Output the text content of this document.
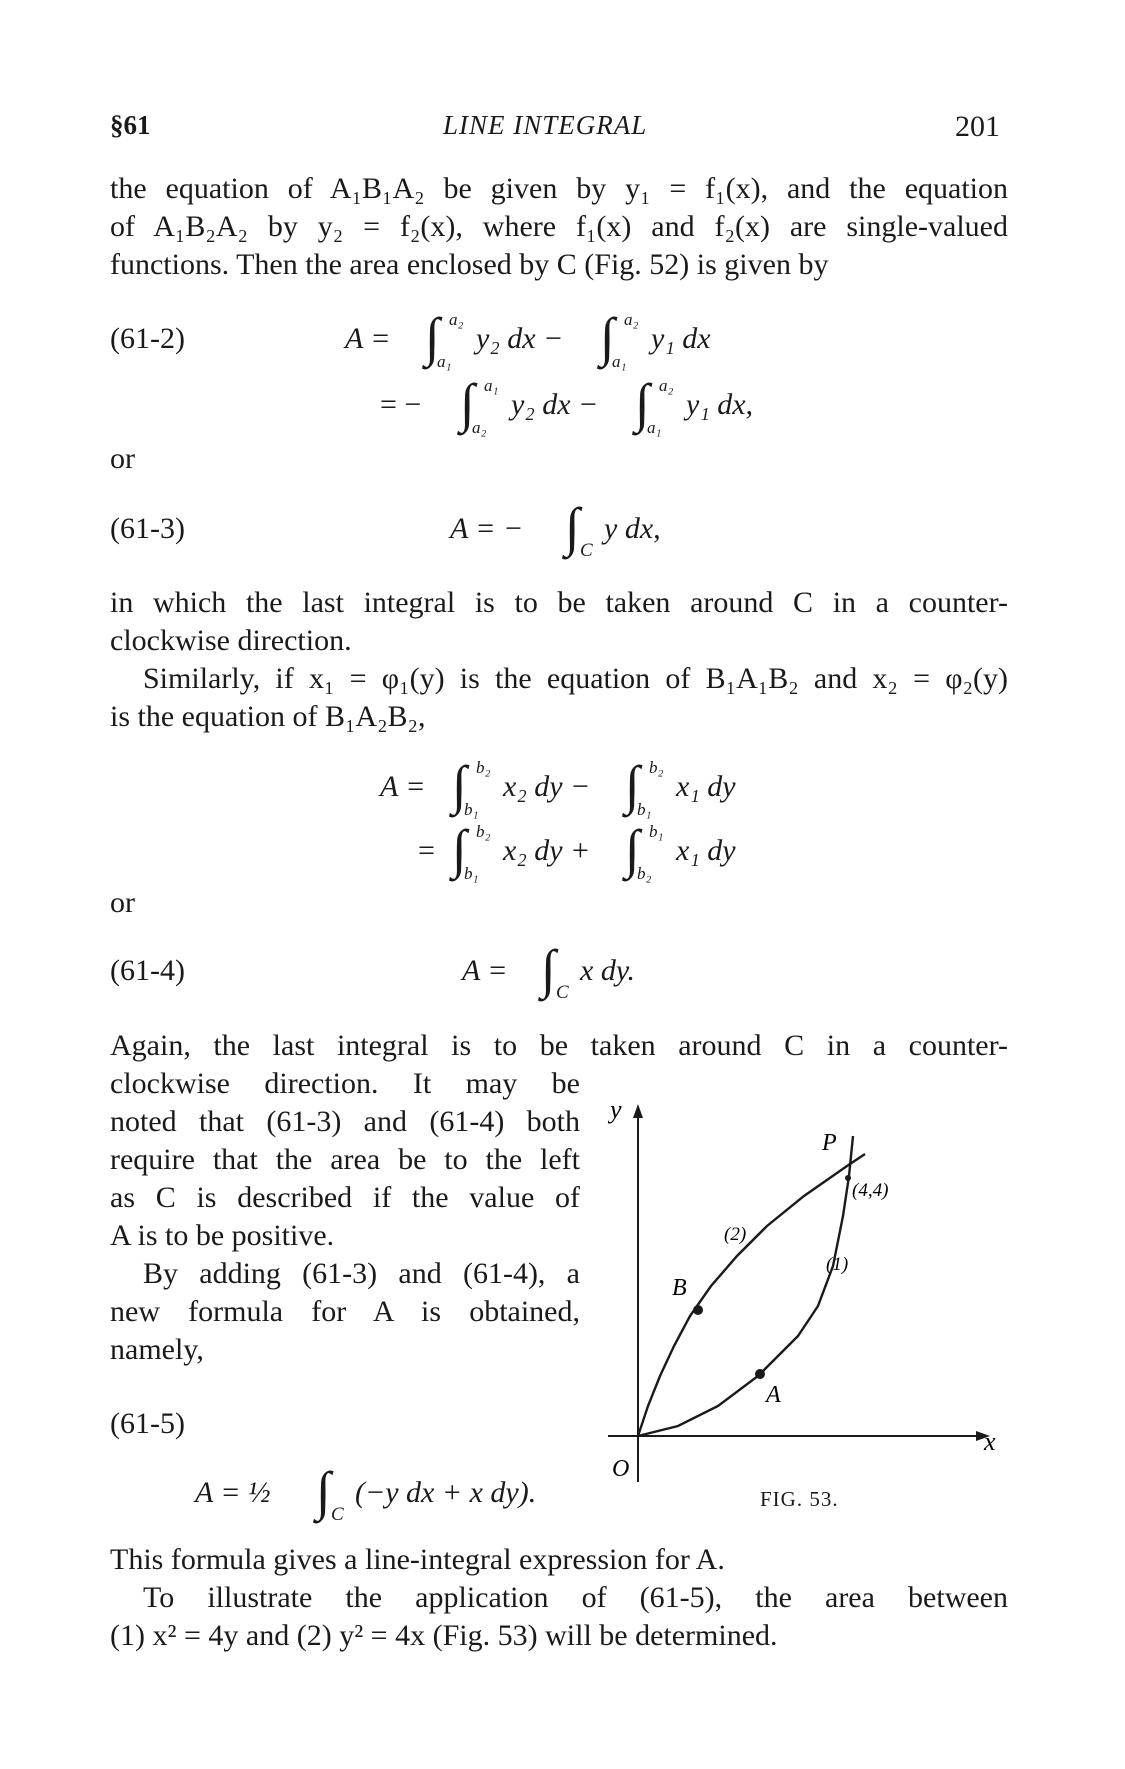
§61	LINE INTEGRAL	201
the equation of A₁B₁A₂ be given by y₁ = f₁(x), and the equation
of A₁B₂A₂ by y₂ = f₂(x), where f₁(x) and f₂(x) are single-valued
functions. Then the area enclosed by C (Fig. 52) is given by
(61-2)	A = ∫ a₂
a₁
y₂ dx − ∫ a₂
a₁
y₁ dx
= − ∫ a₁
a₂
y₂ dx − ∫ a₂
a₁
y₁ dx,
or
(61-3)	A = − ∫ C
y dx,
in which the last integral is to be taken around C in a counter-
clockwise direction.
Similarly, if x₁ = φ₁(y) is the equation of B₁A₁B₂ and x₂ = φ₂(y)
is the equation of B₁A₂B₂,
A = ∫ b₂
b₁
x₂ dy − ∫ b₂
b₁
x₁ dy
= ∫ b₂
b₁
x₂ dy + ∫ b₁
b₂
x₁ dy
or
(61-4)	A = ∫ C
x dy.
Again, the last integral is to be taken around C in a counter-
clockwise direction. It may be
noted that (61-3) and (61-4) both
require that the area be to the left
as C is described if the value of
A is to be positive.
By adding (61-3) and (61-4), a
new formula for A is obtained,
namely,
(61-5)
A = ½ ∫ C
(−y dx + x dy).
y
x
O
P
(4,4)
(2)
(1)
B
A
FIG. 53.
This formula gives a line-integral expression for A.
To illustrate the application of (61-5), the area between
(1) x² = 4y and (2) y² = 4x (Fig. 53) will be determined.
